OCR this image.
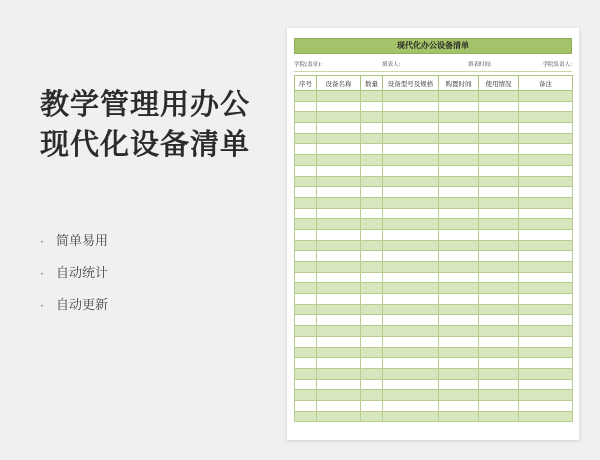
教学管理用办公
现代化设备清单
· 简单易用
· 自动统计
· 自动更新
现代化办公设备清单
学院(盖章):	填表人:	填表时间:	学院负责人:
序号	设备名称	数量	设备型号及规格	购置时间	使用情况	备注
